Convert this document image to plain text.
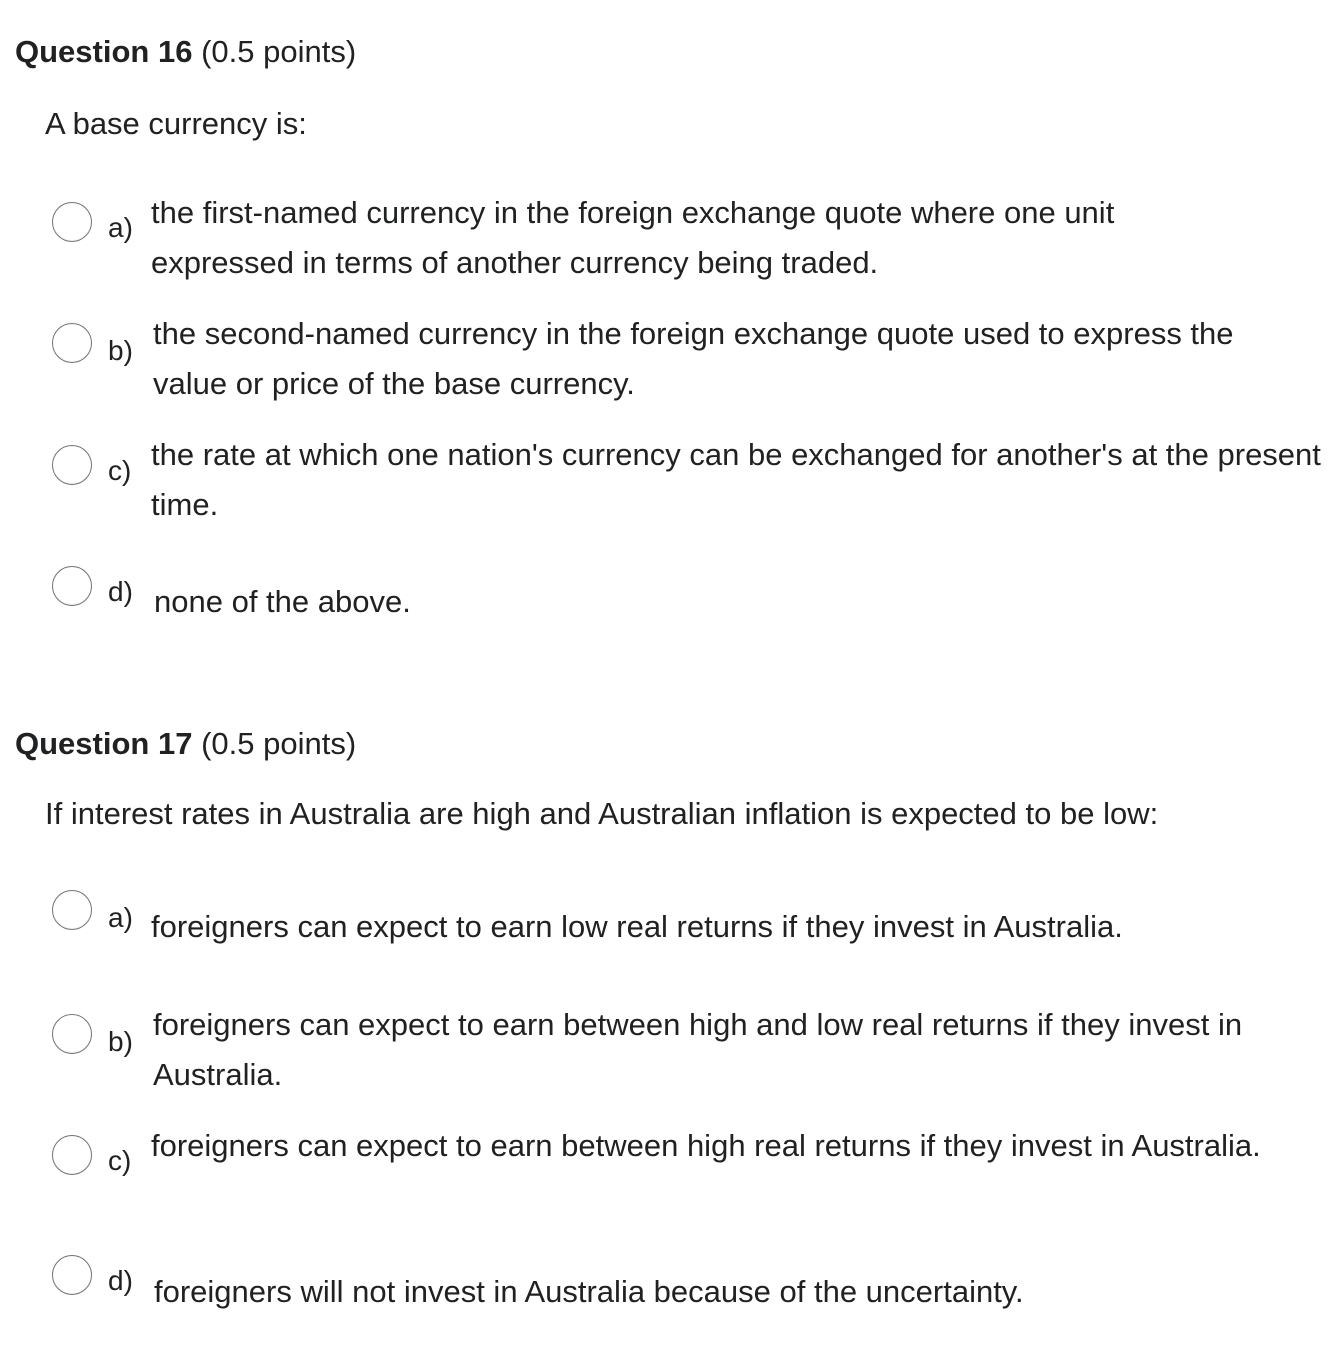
Question 16 (0.5 points)
A base currency is:
a) the first-named currency in the foreign exchange quote where one unit expressed in terms of another currency being traded.
b) the second-named currency in the foreign exchange quote used to express the value or price of the base currency.
c) the rate at which one nation's currency can be exchanged for another's at the present time.
d) none of the above.
Question 17 (0.5 points)
If interest rates in Australia are high and Australian inflation is expected to be low:
a) foreigners can expect to earn low real returns if they invest in Australia.
b) foreigners can expect to earn between high and low real returns if they invest in Australia.
c) foreigners can expect to earn between high real returns if they invest in Australia.
d) foreigners will not invest in Australia because of the uncertainty.
